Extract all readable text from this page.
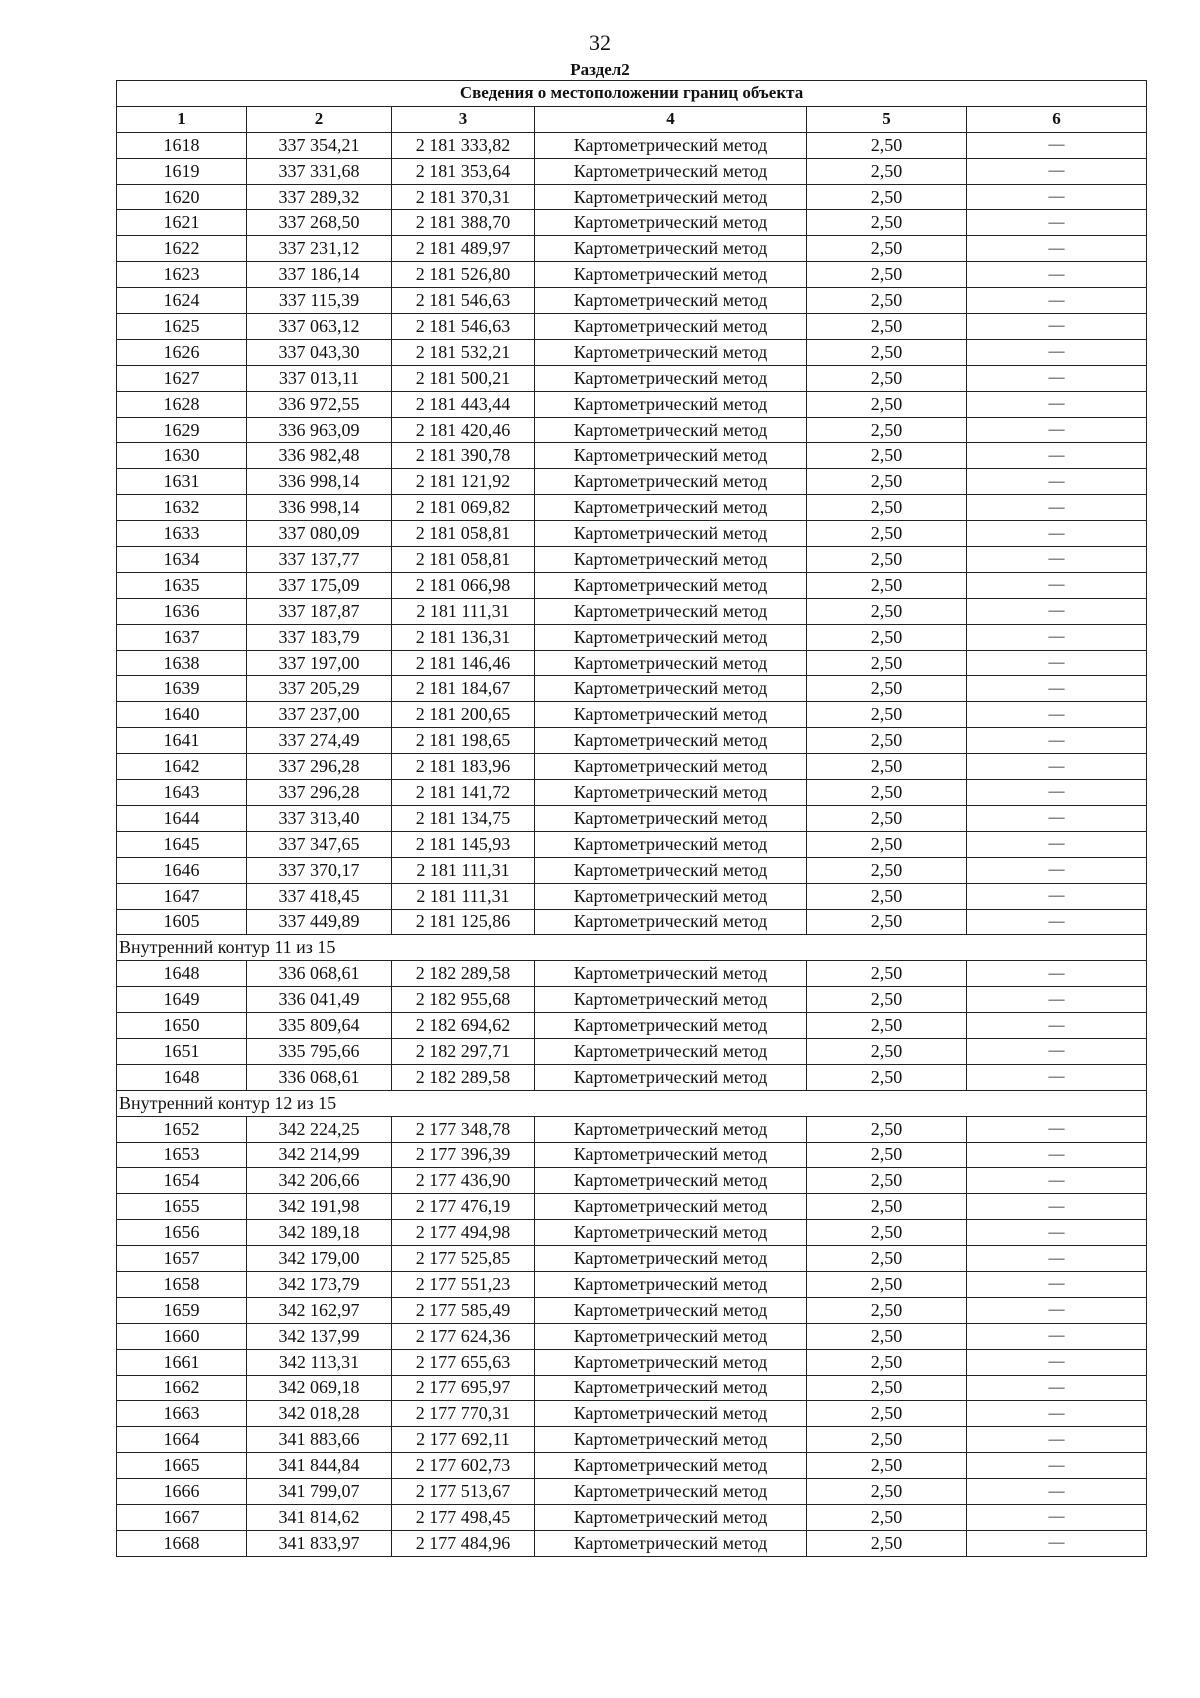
32
Раздел2
Сведения о местоположении границ объекта					
1	2	3	4	5	6
1618	337 354,21	2 181 333,82	Картометрический метод	2,50	—
1619	337 331,68	2 181 353,64	Картометрический метод	2,50	—
1620	337 289,32	2 181 370,31	Картометрический метод	2,50	—
1621	337 268,50	2 181 388,70	Картометрический метод	2,50	—
1622	337 231,12	2 181 489,97	Картометрический метод	2,50	—
1623	337 186,14	2 181 526,80	Картометрический метод	2,50	—
1624	337 115,39	2 181 546,63	Картометрический метод	2,50	—
1625	337 063,12	2 181 546,63	Картометрический метод	2,50	—
1626	337 043,30	2 181 532,21	Картометрический метод	2,50	—
1627	337 013,11	2 181 500,21	Картометрический метод	2,50	—
1628	336 972,55	2 181 443,44	Картометрический метод	2,50	—
1629	336 963,09	2 181 420,46	Картометрический метод	2,50	—
1630	336 982,48	2 181 390,78	Картометрический метод	2,50	—
1631	336 998,14	2 181 121,92	Картометрический метод	2,50	—
1632	336 998,14	2 181 069,82	Картометрический метод	2,50	—
1633	337 080,09	2 181 058,81	Картометрический метод	2,50	—
1634	337 137,77	2 181 058,81	Картометрический метод	2,50	—
1635	337 175,09	2 181 066,98	Картометрический метод	2,50	—
1636	337 187,87	2 181 111,31	Картометрический метод	2,50	—
1637	337 183,79	2 181 136,31	Картометрический метод	2,50	—
1638	337 197,00	2 181 146,46	Картометрический метод	2,50	—
1639	337 205,29	2 181 184,67	Картометрический метод	2,50	—
1640	337 237,00	2 181 200,65	Картометрический метод	2,50	—
1641	337 274,49	2 181 198,65	Картометрический метод	2,50	—
1642	337 296,28	2 181 183,96	Картометрический метод	2,50	—
1643	337 296,28	2 181 141,72	Картометрический метод	2,50	—
1644	337 313,40	2 181 134,75	Картометрический метод	2,50	—
1645	337 347,65	2 181 145,93	Картометрический метод	2,50	—
1646	337 370,17	2 181 111,31	Картометрический метод	2,50	—
1647	337 418,45	2 181 111,31	Картометрический метод	2,50	—
1605	337 449,89	2 181 125,86	Картометрический метод	2,50	—
Внутренний контур 11 из 15					
1648	336 068,61	2 182 289,58	Картометрический метод	2,50	—
1649	336 041,49	2 182 955,68	Картометрический метод	2,50	—
1650	335 809,64	2 182 694,62	Картометрический метод	2,50	—
1651	335 795,66	2 182 297,71	Картометрический метод	2,50	—
1648	336 068,61	2 182 289,58	Картометрический метод	2,50	—
Внутренний контур 12 из 15					
1652	342 224,25	2 177 348,78	Картометрический метод	2,50	—
1653	342 214,99	2 177 396,39	Картометрический метод	2,50	—
1654	342 206,66	2 177 436,90	Картометрический метод	2,50	—
1655	342 191,98	2 177 476,19	Картометрический метод	2,50	—
1656	342 189,18	2 177 494,98	Картометрический метод	2,50	—
1657	342 179,00	2 177 525,85	Картометрический метод	2,50	—
1658	342 173,79	2 177 551,23	Картометрический метод	2,50	—
1659	342 162,97	2 177 585,49	Картометрический метод	2,50	—
1660	342 137,99	2 177 624,36	Картометрический метод	2,50	—
1661	342 113,31	2 177 655,63	Картометрический метод	2,50	—
1662	342 069,18	2 177 695,97	Картометрический метод	2,50	—
1663	342 018,28	2 177 770,31	Картометрический метод	2,50	—
1664	341 883,66	2 177 692,11	Картометрический метод	2,50	—
1665	341 844,84	2 177 602,73	Картометрический метод	2,50	—
1666	341 799,07	2 177 513,67	Картометрический метод	2,50	—
1667	341 814,62	2 177 498,45	Картометрический метод	2,50	—
1668	341 833,97	2 177 484,96	Картометрический метод	2,50	—
